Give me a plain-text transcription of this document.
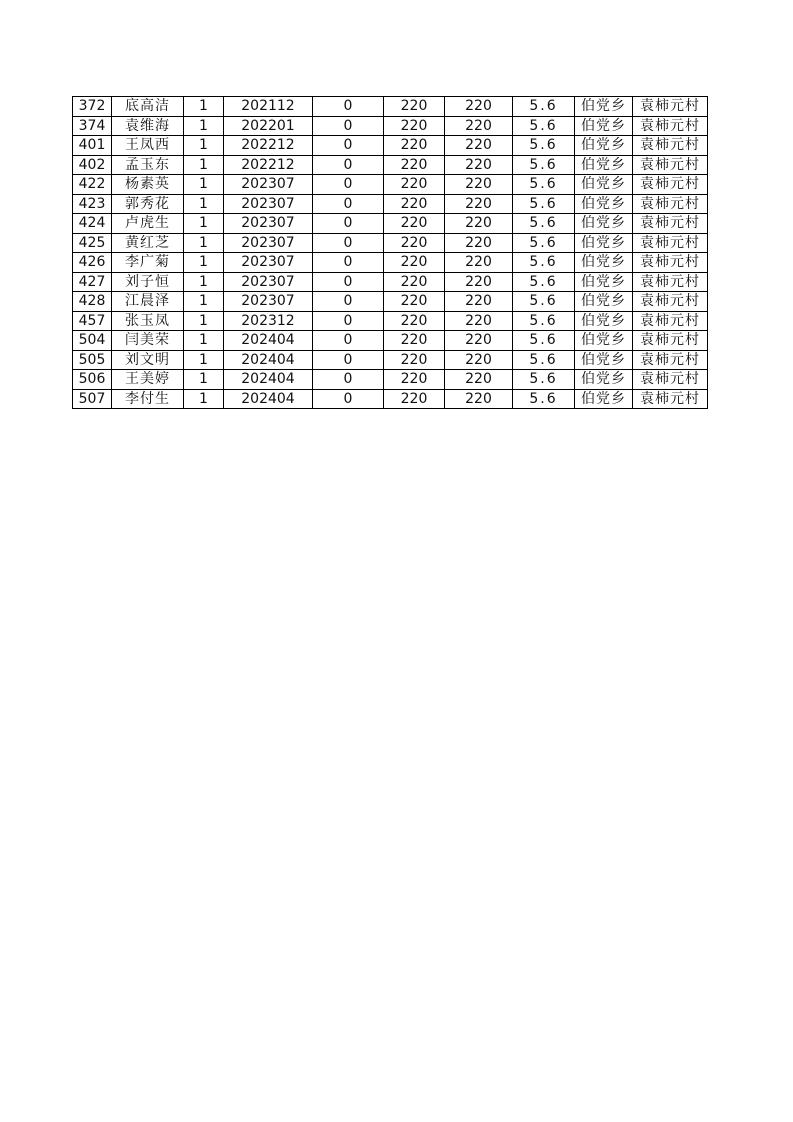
372	底高洁	1	202112	0	220	220	5.6	伯党乡	袁柿元村
374	袁维海	1	202201	0	220	220	5.6	伯党乡	袁柿元村
401	王凤西	1	202212	0	220	220	5.6	伯党乡	袁柿元村
402	孟玉东	1	202212	0	220	220	5.6	伯党乡	袁柿元村
422	杨素英	1	202307	0	220	220	5.6	伯党乡	袁柿元村
423	郭秀花	1	202307	0	220	220	5.6	伯党乡	袁柿元村
424	卢虎生	1	202307	0	220	220	5.6	伯党乡	袁柿元村
425	黄红芝	1	202307	0	220	220	5.6	伯党乡	袁柿元村
426	李广菊	1	202307	0	220	220	5.6	伯党乡	袁柿元村
427	刘子恒	1	202307	0	220	220	5.6	伯党乡	袁柿元村
428	江晨泽	1	202307	0	220	220	5.6	伯党乡	袁柿元村
457	张玉凤	1	202312	0	220	220	5.6	伯党乡	袁柿元村
504	闫美荣	1	202404	0	220	220	5.6	伯党乡	袁柿元村
505	刘文明	1	202404	0	220	220	5.6	伯党乡	袁柿元村
506	王美婷	1	202404	0	220	220	5.6	伯党乡	袁柿元村
507	李付生	1	202404	0	220	220	5.6	伯党乡	袁柿元村
